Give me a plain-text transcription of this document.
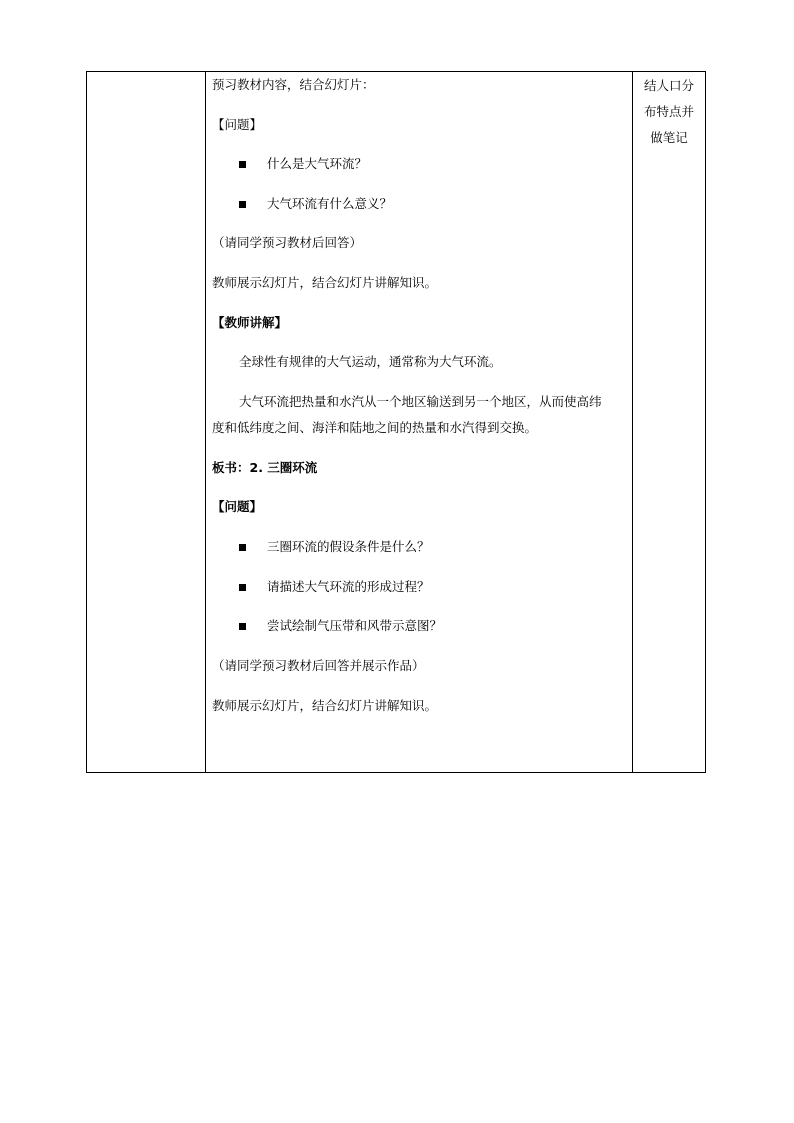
预习教材内容，结合幻灯片：
【问题】
什么是大气环流？
大气环流有什么意义？
（请同学预习教材后回答）
教师展示幻灯片，结合幻灯片讲解知识。
【教师讲解】
全球性有规律的大气运动，通常称为大气环流。
大气环流把热量和水汽从一个地区输送到另一个地区，从而使高纬
度和低纬度之间、海洋和陆地之间的热量和水汽得到交换。
板书：2. 三圈环流
【问题】
三圈环流的假设条件是什么？
请描述大气环流的形成过程？
尝试绘制气压带和风带示意图？
（请同学预习教材后回答并展示作品）
教师展示幻灯片，结合幻灯片讲解知识。
结人口分
布特点并
做笔记
